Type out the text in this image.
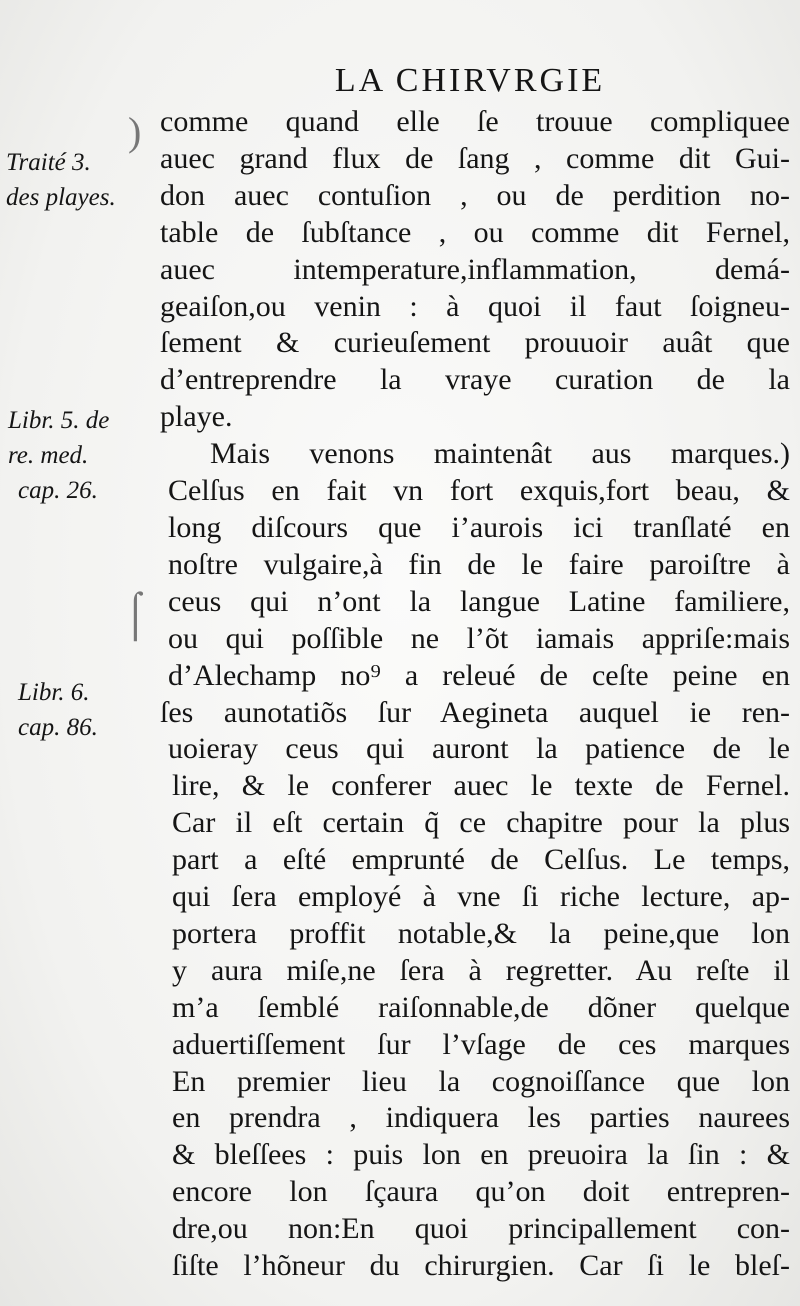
LA CHIRVRGIE
)
⌠
Traité 3.
des playes.
Libr. 5. de
re. med.
cap. 26.
Libr. 6.
cap. 86.
comme quand elle ſe trouue compliquee
auec grand flux de ſang , comme dit Gui-
don auec contuſion , ou de perdition no-
table de ſubſtance , ou comme dit Fernel,
auec intemperature,inflammation, demá-
geaiſon,ou venin : à quoi il faut ſoigneu-
ſement & curieuſement prouuoir auât que
d’entreprendre la vraye curation de la
playe.
Mais venons maintenât aus marques.)
Celſus en fait vn fort exquis,fort beau, &
long diſcours que i’aurois ici tranſlaté en
noſtre vulgaire,à fin de le faire paroiſtre à
ceus qui n’ont la langue Latine familiere,
ou qui poſſible ne l’õt iamais appriſe:mais
d’Alechamp no⁹ a releué de ceſte peine en
ſes aunotatiõs ſur Aegineta auquel ie ren-
uoieray ceus qui auront la patience de le
lire, & le conferer auec le texte de Fernel.
Car il eſt certain q̃ ce chapitre pour la plus
part a eſté emprunté de Celſus. Le temps,
qui ſera employé à vne ſi riche lecture, ap-
portera proffit notable,& la peine,que lon
y aura miſe,ne ſera à regretter. Au reſte il
m’a ſemblé raiſonnable,de dõner quelque
aduertiſſement ſur l’vſage de ces marques
En premier lieu la cognoiſſance que lon
en prendra , indiquera les parties naurees
& bleſſees : puis lon en preuoira la ſin : &
encore lon ſçaura qu’on doit entrepren-
dre,ou non:En quoi principallement con-
ſiſte l’hõneur du chirurgien. Car ſi le bleſ-
